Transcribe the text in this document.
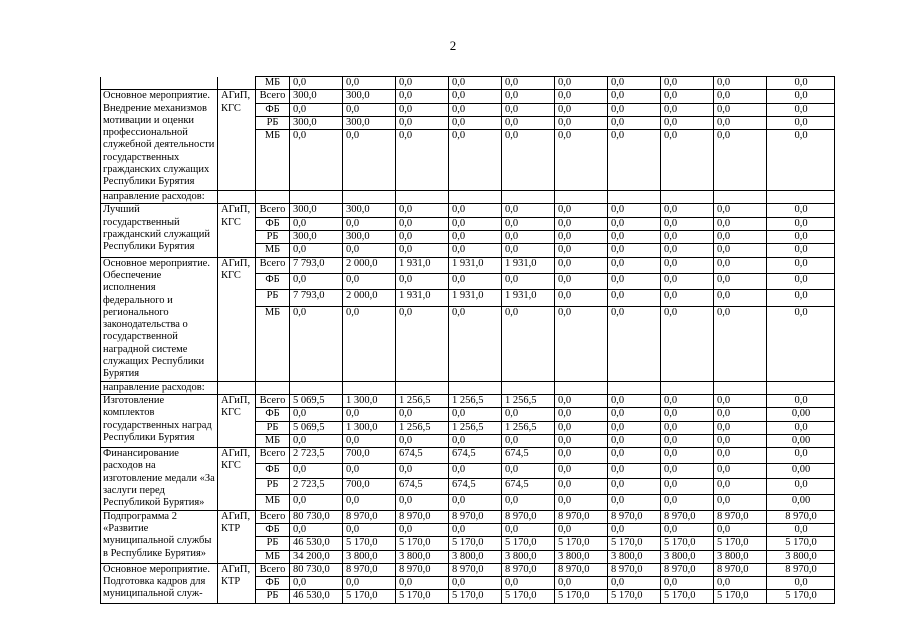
2
		МБ	0,0	0,0	0,0	0,0	0,0	0,0	0,0	0,0	0,0	0,0
Основное мероприятие. Внедрение механизмов мотивации и оценки профессиональной служебной деятельности государственных гражданских служащих Республики Бурятия	АГиП, КГС	Всего	300,0	300,0	0,0	0,0	0,0	0,0	0,0	0,0	0,0	0,0
		ФБ	0,0	0,0	0,0	0,0	0,0	0,0	0,0	0,0	0,0	0,0
		РБ	300,0	300,0	0,0	0,0	0,0	0,0	0,0	0,0	0,0	0,0
		МБ	0,0	0,0	0,0	0,0	0,0	0,0	0,0	0,0	0,0	0,0
направление расходов:												
Лучший государственный гражданский служащий Республики Бурятия	АГиП, КГС	Всего	300,0	300,0	0,0	0,0	0,0	0,0	0,0	0,0	0,0	0,0
		ФБ	0,0	0,0	0,0	0,0	0,0	0,0	0,0	0,0	0,0	0,0
		РБ	300,0	300,0	0,0	0,0	0,0	0,0	0,0	0,0	0,0	0,0
		МБ	0,0	0,0	0,0	0,0	0,0	0,0	0,0	0,0	0,0	0,0
Основное мероприятие. Обеспечение исполнения федерального и регионального законодательства о государственной наградной системе служащих Республики Бурятия	АГиП, КГС	Всего	7 793,0	2 000,0	1 931,0	1 931,0	1 931,0	0,0	0,0	0,0	0,0	0,0
		ФБ	0,0	0,0	0,0	0,0	0,0	0,0	0,0	0,0	0,0	0,0
		РБ	7 793,0	2 000,0	1 931,0	1 931,0	1 931,0	0,0	0,0	0,0	0,0	0,0
		МБ	0,0	0,0	0,0	0,0	0,0	0,0	0,0	0,0	0,0	0,0
направление расходов:												
Изготовление комплектов государственных наград Республики Бурятия	АГиП, КГС	Всего	5 069,5	1 300,0	1 256,5	1 256,5	1 256,5	0,0	0,0	0,0	0,0	0,0
		ФБ	0,0	0,0	0,0	0,0	0,0	0,0	0,0	0,0	0,0	0,00
		РБ	5 069,5	1 300,0	1 256,5	1 256,5	1 256,5	0,0	0,0	0,0	0,0	0,0
		МБ	0,0	0,0	0,0	0,0	0,0	0,0	0,0	0,0	0,0	0,00
Финансирование расходов на изготовление медали «За заслуги перед Республикой Бурятия»	АГиП, КГС	Всего	2 723,5	700,0	674,5	674,5	674,5	0,0	0,0	0,0	0,0	0,0
		ФБ	0,0	0,0	0,0	0,0	0,0	0,0	0,0	0,0	0,0	0,00
		РБ	2 723,5	700,0	674,5	674,5	674,5	0,0	0,0	0,0	0,0	0,0
		МБ	0,0	0,0	0,0	0,0	0,0	0,0	0,0	0,0	0,0	0,00
Подпрограмма 2 «Развитие муниципальной службы в Республике Бурятия»	АГиП, КТР	Всего	80 730,0	8 970,0	8 970,0	8 970,0	8 970,0	8 970,0	8 970,0	8 970,0	8 970,0	8 970,0
		ФБ	0,0	0,0	0,0	0,0	0,0	0,0	0,0	0,0	0,0	0,0
		РБ	46 530,0	5 170,0	5 170,0	5 170,0	5 170,0	5 170,0	5 170,0	5 170,0	5 170,0	5 170,0
		МБ	34 200,0	3 800,0	3 800,0	3 800,0	3 800,0	3 800,0	3 800,0	3 800,0	3 800,0	3 800,0
Основное мероприятие. Подготовка кадров для муниципальной служ-	АГиП, КТР	Всего	80 730,0	8 970,0	8 970,0	8 970,0	8 970,0	8 970,0	8 970,0	8 970,0	8 970,0	8 970,0
		ФБ	0,0	0,0	0,0	0,0	0,0	0,0	0,0	0,0	0,0	0,0
		РБ	46 530,0	5 170,0	5 170,0	5 170,0	5 170,0	5 170,0	5 170,0	5 170,0	5 170,0	5 170,0
